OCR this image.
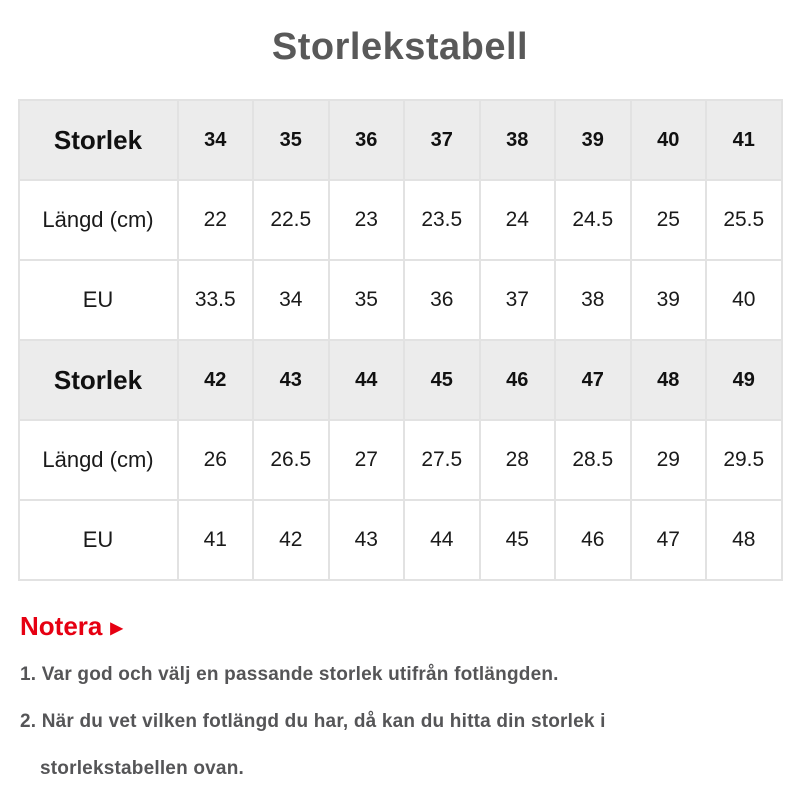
Storlekstabell
Storlek	34	35	36	37	38	39	40	41
Längd (cm)	22	22.5	23	23.5	24	24.5	25	25.5
EU	33.5	34	35	36	37	38	39	40
Storlek	42	43	44	45	46	47	48	49
Längd (cm)	26	26.5	27	27.5	28	28.5	29	29.5
EU	41	42	43	44	45	46	47	48
Notera ▶
1. Var god och välj en passande storlek utifrån fotlängden.
2. När du vet vilken fotlängd du har, då kan du hitta din storlek i
storlekstabellen ovan.
